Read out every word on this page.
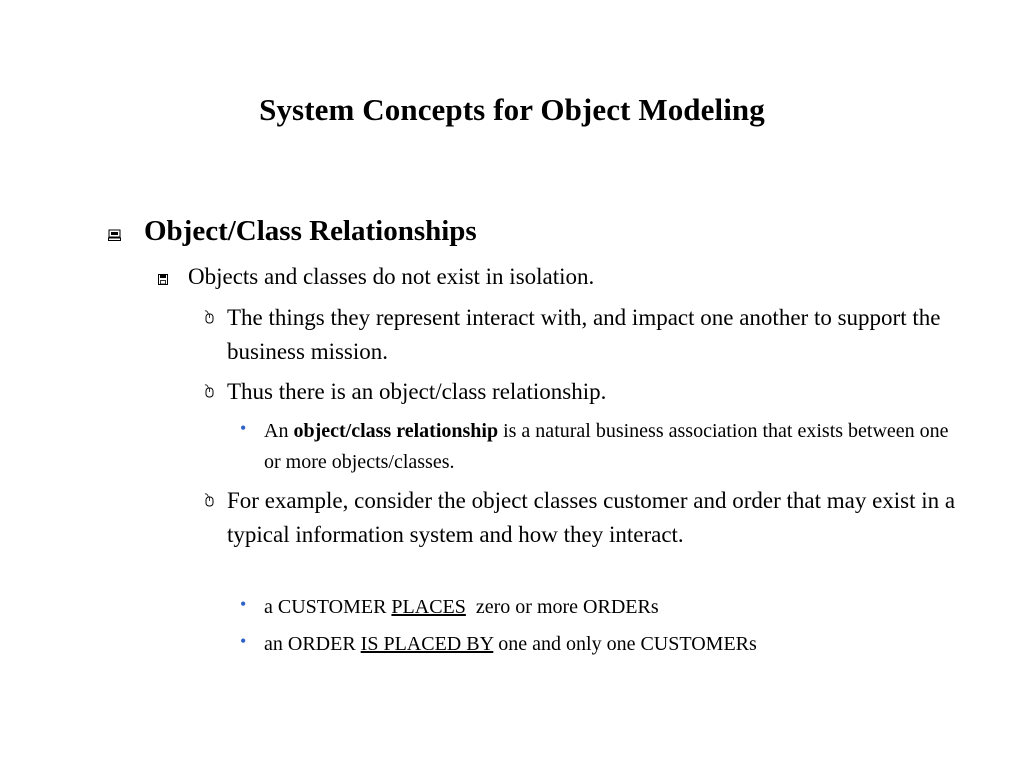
System Concepts for Object Modeling
Object/Class Relationships
Objects and classes do not exist in isolation.
The things they represent interact with, and impact one another to support the business mission.
Thus there is an object/class relationship.
• An object/class relationship is a natural business association that exists between one or more objects/classes.
For example, consider the object classes customer and order that may exist in a typical information system and how they interact.
• a CUSTOMER PLACES  zero or more ORDERs
• an ORDER IS PLACED BY one and only one CUSTOMERs
